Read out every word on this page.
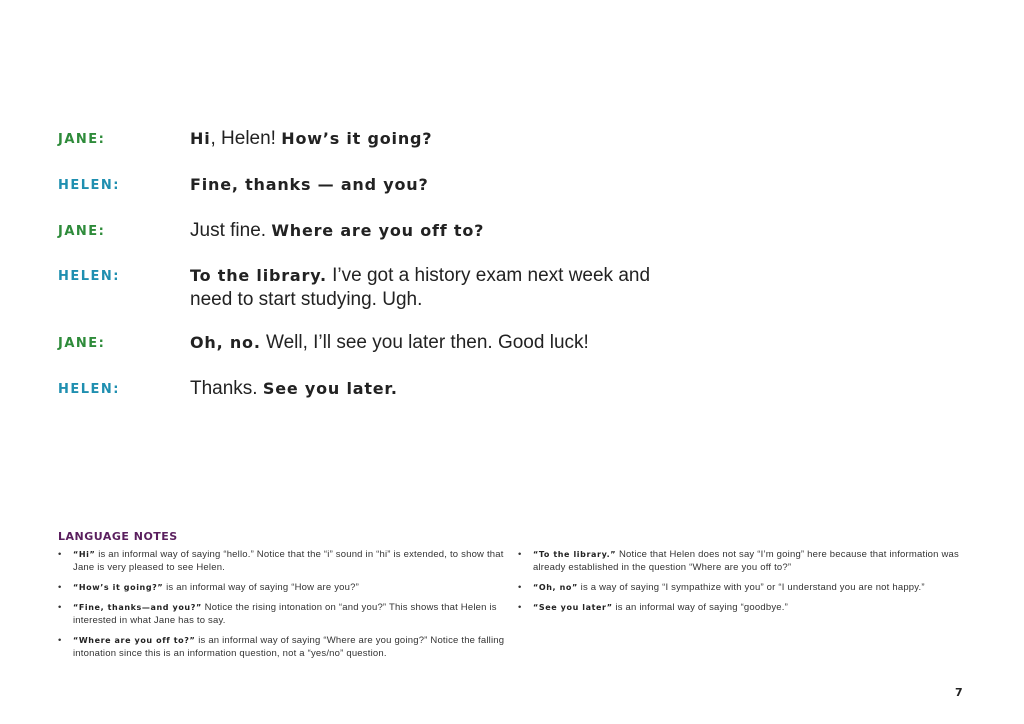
JANE:	Hi, Helen! How’s it going?
HELEN:	Fine, thanks — and you?
JANE:	Just fine. Where are you off to?
HELEN:	To the library. I’ve got a history exam next week and need to start studying. Ugh.
JANE:	Oh, no. Well, I’ll see you later then. Good luck!
HELEN:	Thanks. See you later.
LANGUAGE NOTES
• “Hi” is an informal way of saying “hello.” Notice that the “i” sound in “hi” is extended, to show that Jane is very pleased to see Helen.
• “How’s it going?” is an informal way of saying “How are you?”
• “Fine, thanks—and you?” Notice the rising intonation on “and you?” This shows that Helen is interested in what Jane has to say.
• “Where are you off to?” is an informal way of saying “Where are you going?” Notice the falling intonation since this is an information question, not a “yes/no” question.
• “To the library.” Notice that Helen does not say “I’m going” here because that information was already established in the question “Where are you off to?”
• “Oh, no” is a way of saying “I sympathize with you” or “I understand you are not happy.”
• “See you later” is an informal way of saying “goodbye.”
7
